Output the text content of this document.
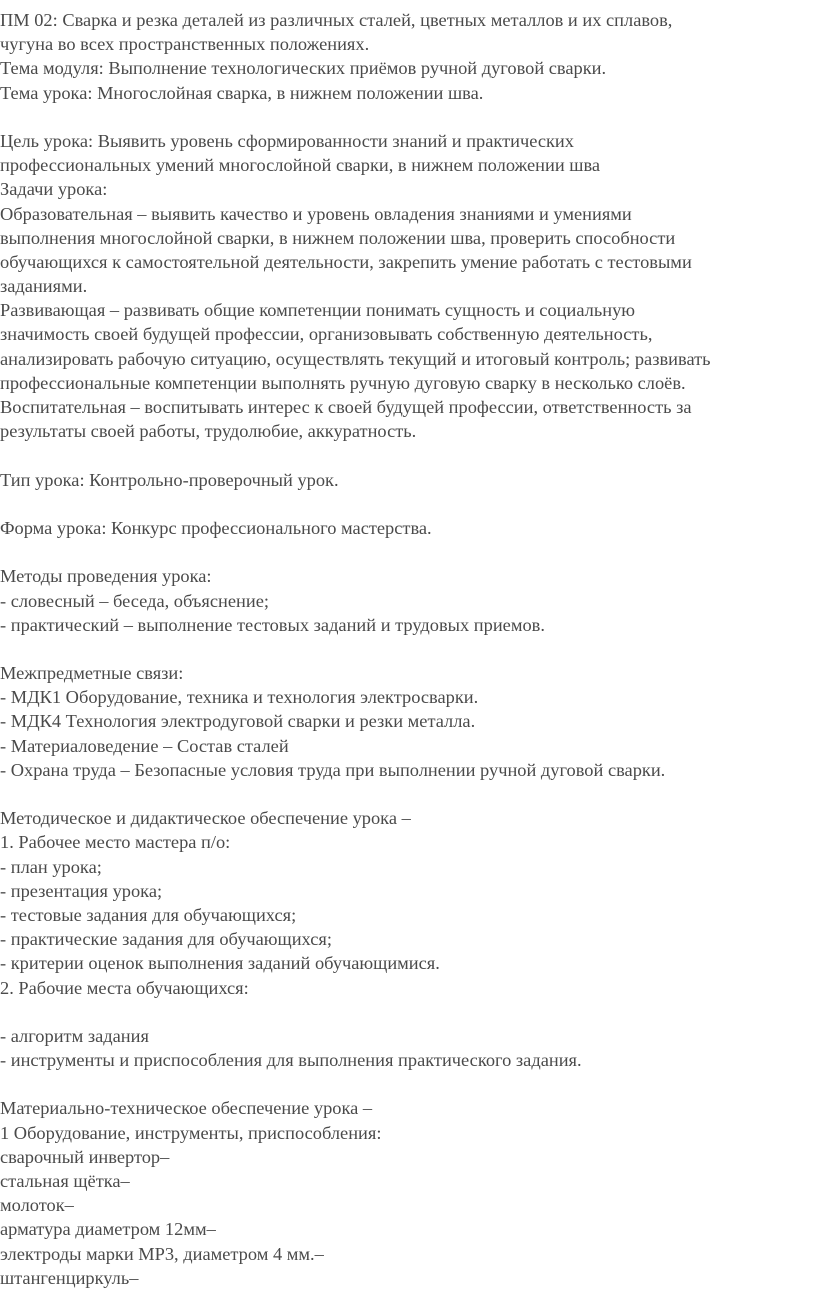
ПМ 02: Сварка и резка деталей из различных сталей, цветных металлов и их сплавов,
чугуна во всех пространственных положениях.
Тема модуля: Выполнение технологических приёмов ручной дуговой сварки.
Тема урока: Многослойная сварка, в нижнем положении шва.
Цель урока: Выявить уровень сформированности знаний и практических
профессиональных умений многослойной сварки, в нижнем положении шва
Задачи урока:
Образовательная – выявить качество и уровень овладения знаниями и умениями
выполнения многослойной сварки, в нижнем положении шва, проверить способности
обучающихся к самостоятельной деятельности, закрепить умение работать с тестовыми
заданиями.
Развивающая – развивать общие компетенции понимать сущность и социальную
значимость своей будущей профессии, организовывать собственную деятельность,
анализировать рабочую ситуацию, осуществлять текущий и итоговый контроль; развивать
профессиональные компетенции выполнять ручную дуговую сварку в несколько слоёв.
Воспитательная – воспитывать интерес к своей будущей профессии, ответственность за
результаты своей работы, трудолюбие, аккуратность.
Тип урока: Контрольно-проверочный урок.
Форма урока: Конкурс профессионального мастерства.
Методы проведения урока:
- словесный – беседа, объяснение;
- практический – выполнение тестовых заданий и трудовых приемов.
Межпредметные связи:
- МДК1 Оборудование, техника и технология электросварки.
- МДК4 Технология электродуговой сварки и резки металла.
- Материаловедение – Состав сталей
- Охрана труда – Безопасные условия труда при выполнении ручной дуговой сварки.
Методическое и дидактическое обеспечение урока –
1. Рабочее место мастера п/о:
- план урока;
- презентация урока;
- тестовые задания для обучающихся;
- практические задания для обучающихся;
- критерии оценок выполнения заданий обучающимися.
2. Рабочие места обучающихся:
- алгоритм задания
- инструменты и приспособления для выполнения практического задания.
Материально-техническое обеспечение урока –
1 Оборудование, инструменты, приспособления:
сварочный инвертор–
стальная щётка–
молоток–
арматура диаметром 12мм–
электроды марки МР3, диаметром 4 мм.–
штангенциркуль–
